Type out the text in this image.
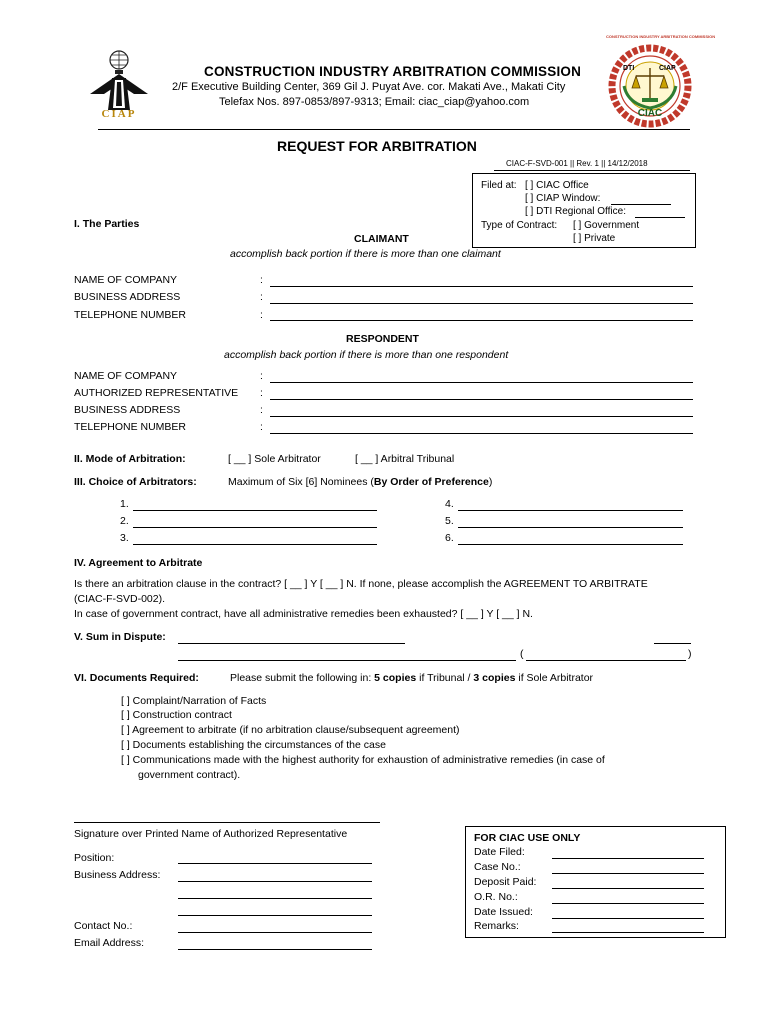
CIAP
CONSTRUCTION INDUSTRY ARBITRATION COMMISSION
2/F Executive Building Center, 369 Gil J. Puyat Ave. cor. Makati Ave., Makati City
Telefax Nos. 897-0853/897-9313; Email: ciac_ciap@yahoo.com
CONSTRUCTION INDUSTRY ARBITRATION COMMISSION
DTI	CIAP
CIAC
REQUEST FOR ARBITRATION
CIAC-F-SVD-001 || Rev. 1 || 14/12/2018
Filed at: [ ] CIAC Office
[ ] CIAP Window:
[ ] DTI Regional Office:
Type of Contract: [ ] Government
[ ] Private
I. The Parties
CLAIMANT
accomplish back portion if there is more than one claimant
NAME OF COMPANY	:
BUSINESS ADDRESS	:
TELEPHONE NUMBER	:
RESPONDENT
accomplish back portion if there is more than one respondent
NAME OF COMPANY	:
AUTHORIZED REPRESENTATIVE :
BUSINESS ADDRESS	:
TELEPHONE NUMBER	:
II. Mode of Arbitration:	[ __ ] Sole Arbitrator	[ __ ] Arbitral Tribunal
III. Choice of Arbitrators:	Maximum of Six [6] Nominees (By Order of Preference)
1.
2.
3.
4.
5.
6.
IV. Agreement to Arbitrate
Is there an arbitration clause in the contract? [ __ ] Y [ __ ] N. If none, please accomplish the AGREEMENT TO ARBITRATE
(CIAC-F-SVD-002).
In case of government contract, have all administrative remedies been exhausted? [ __ ] Y [ __ ] N.
V. Sum in Dispute:
(	)
VI. Documents Required:	Please submit the following in: 5 copies if Tribunal / 3 copies if Sole Arbitrator
[ ] Complaint/Narration of Facts
[ ] Construction contract
[ ] Agreement to arbitrate (if no arbitration clause/subsequent agreement)
[ ] Documents establishing the circumstances of the case
[ ] Communications made with the highest authority for exhaustion of administrative remedies (in case of
government contract).
Signature over Printed Name of Authorized Representative
Position:
Business Address:
Contact No.:
Email Address:
FOR CIAC USE ONLY
Date Filed:
Case No.:
Deposit Paid:
O.R. No.:
Date Issued:
Remarks:
